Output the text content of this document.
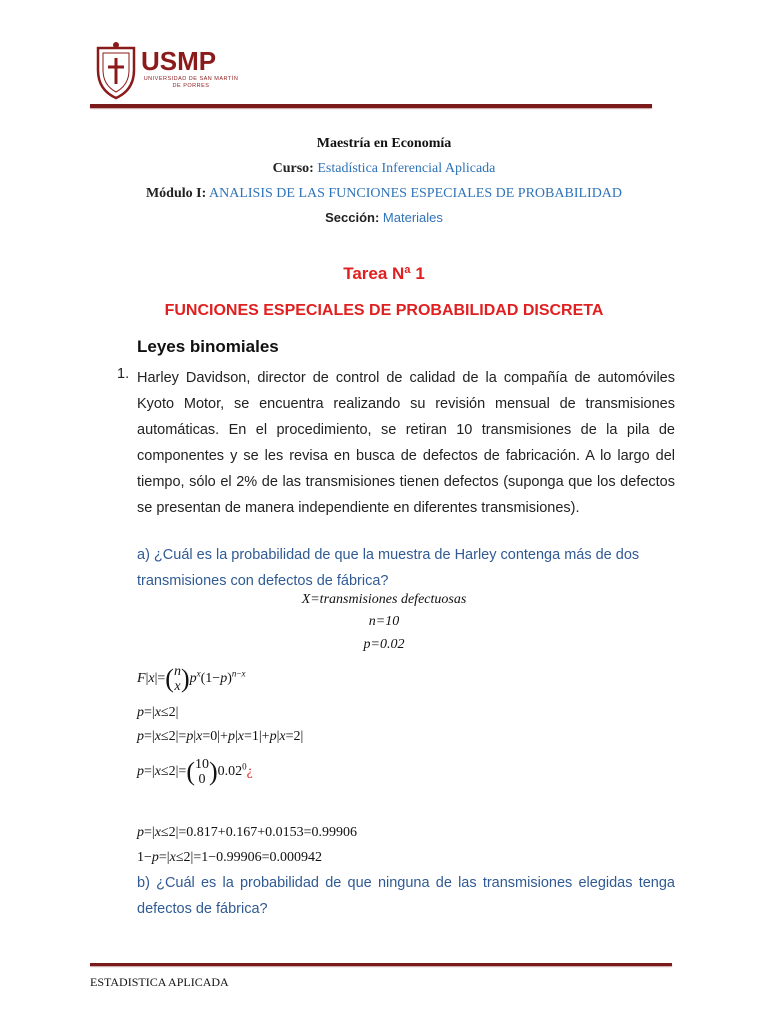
USMP
UNIVERSIDAD DE SAN MARTÍN DE PORRES
Maestría en Economía
Curso: Estadística Inferencial Aplicada
Módulo I: ANALISIS DE LAS FUNCIONES ESPECIALES DE PROBABILIDAD
Sección: Materiales
Tarea Nª 1
FUNCIONES ESPECIALES DE PROBABILIDAD DISCRETA
Leyes binomiales
1. Harley Davidson, director de control de calidad de la compañía de automóviles Kyoto Motor, se encuentra realizando su revisión mensual de transmisiones automáticas. En el procedimiento, se retiran 10 transmisiones de la pila de componentes y se les revisa en busca de defectos de fabricación. A lo largo del tiempo, sólo el 2% de las transmisiones tienen defectos (suponga que los defectos se presentan de manera independiente en diferentes transmisiones).
a) ¿Cuál es la probabilidad de que la muestra de Harley contenga más de dos transmisiones con defectos de fábrica?
X=transmisiones defectuosas
n=10
p=0.02
F|x|=(n
$x)p^x(1-p)^{n-x}$
p=|x≤2|
p=|x≤2|=p|x=0|+p|x=1|+p|x=2|
p=|x≤2|=(10
0 )0.02$^0$¿
p=|x≤2|=0.817+0.167+0.0153=0.99906
1−p=|x≤2|=1−0.99906=0.000942
b) ¿Cuál es la probabilidad de que ninguna de las transmisiones elegidas tenga defectos de fábrica?
ESTADISTICA APLICADA
